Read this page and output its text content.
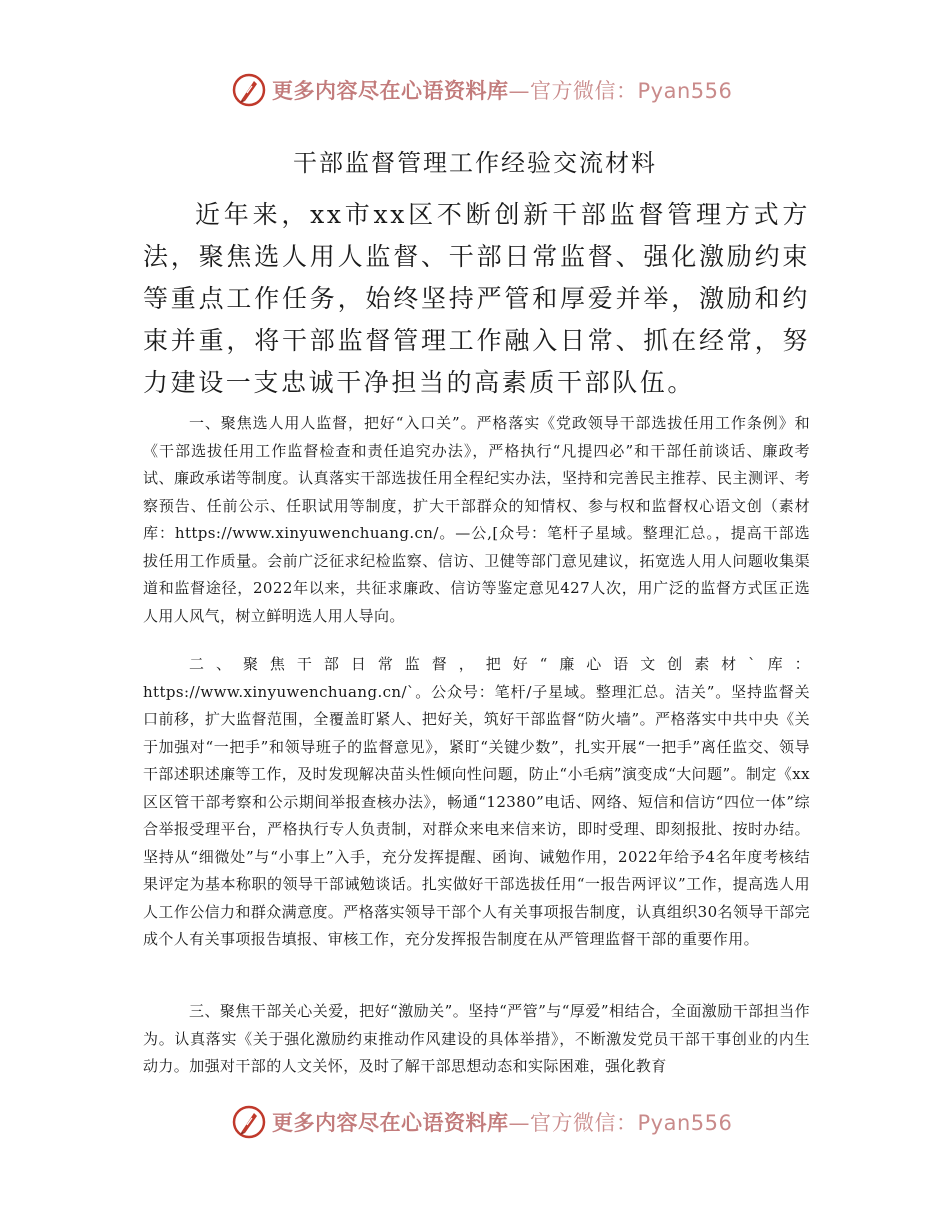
更多内容尽在心语资料库—官方微信：Pyan556
干部监督管理工作经验交流材料

近年来，xx市xx区不断创新干部监督管理方式方法，聚焦选人用人监督、干部日常监督、强化激励约束等重点工作任务，始终坚持严管和厚爱并举，激励和约束并重，将干部监督管理工作融入日常、抓在经常，努力建设一支忠诚干净担当的高素质干部队伍。

一、聚焦选人用人监督，把好“入口关”。严格落实《党政领导干部选拔任用工作条例》和《干部选拔任用工作监督检查和责任追究办法》，严格执行“凡提四必”和干部任前谈话、廉政考试、廉政承诺等制度。认真落实干部选拔任用全程纪实办法，坚持和完善民主推荐、民主测评、考察预告、任前公示、任职试用等制度，扩大干部群众的知情权、参与权和监督权心语文创（素材库：https://www.xinyuwenchuang.cn/。—公,[众号：笔杆子星域。整理汇总。，提高干部选拔任用工作质量。会前广泛征求纪检监察、信访、卫健等部门意见建议，拓宽选人用人问题收集渠道和监督途径，2022年以来，共征求廉政、信访等鉴定意见427人次，用广泛的监督方式匡正选人用人风气，树立鲜明选人用人导向。

二、聚焦干部日常监督，把好“廉心语文创素材`库：https://www.xinyuwenchuang.cn/`。公众号：笔杆/子星域。整理汇总。洁关”。坚持监督关口前移，扩大监督范围，全覆盖盯紧人、把好关，筑好干部监督“防火墙”。严格落实中共中央《关于加强对“一把手”和领导班子的监督意见》，紧盯“关键少数”，扎实开展“一把手”离任监交、领导干部述职述廉等工作，及时发现解决苗头性倾向性问题，防止“小毛病”演变成“大问题”。制定《xx区区管干部考察和公示期间举报查核办法》，畅通“12380”电话、网络、短信和信访“四位一体”综合举报受理平台，严格执行专人负责制，对群众来电来信来访，即时受理、即刻报批、按时办结。坚持从“细微处”与“小事上”入手，充分发挥提醒、函询、诫勉作用，2022年给予4名年度考核结果评定为基本称职的领导干部诫勉谈话。扎实做好干部选拔任用“一报告两评议”工作，提高选人用人工作公信力和群众满意度。严格落实领导干部个人有关事项报告制度，认真组织30名领导干部完成个人有关事项报告填报、审核工作，充分发挥报告制度在从严管理监督干部的重要作用。

三、聚焦干部关心关爱，把好“激励关”。坚持“严管”与“厚爱”相结合，全面激励干部担当作为。认真落实《关于强化激励约束推动作风建设的具体举措》，不断激发党员干部干事创业的内生动力。加强对干部的人文关怀，及时了解干部思想动态和实际困难，强化教育

更多内容尽在心语资料库—官方微信：Pyan556
